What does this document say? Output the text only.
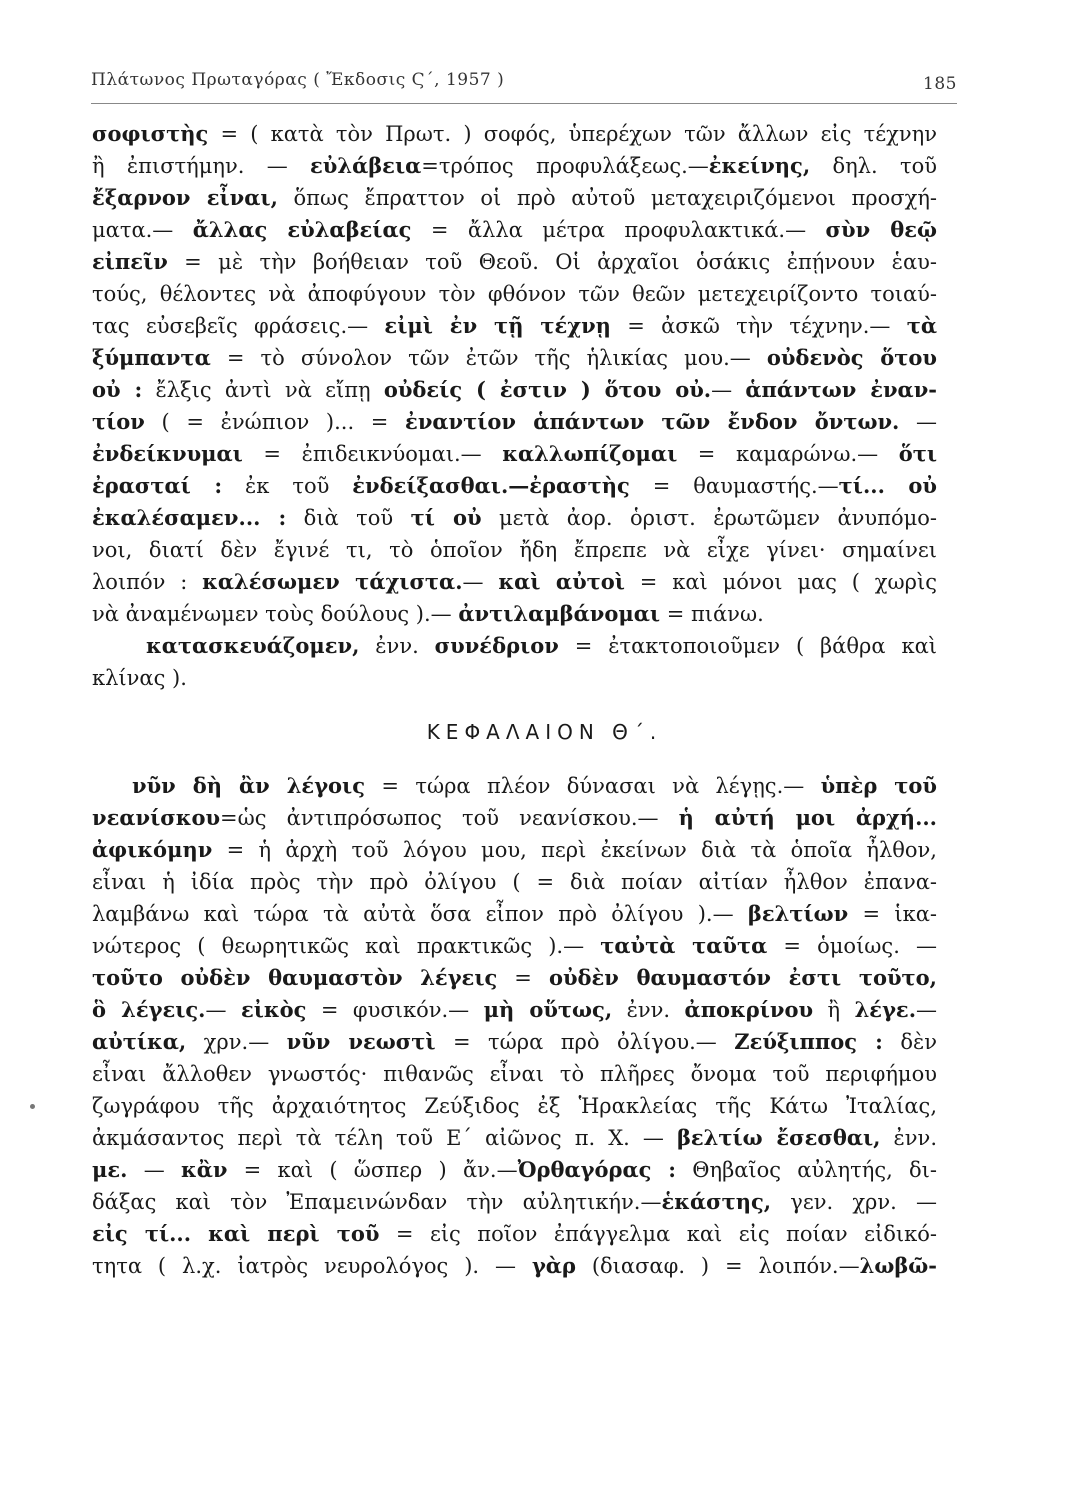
Πλάτωνος Πρωταγόρας ( Ἔκδοσις Ϛ΄, 1957 )	185
σοφιστὴς = ( κατὰ τὸν Πρωτ. ) σοφός, ὑπερέχων τῶν ἄλλων εἰς τέχνην
ἢ ἐπιστήμην. — εὐλάβεια=τρόπος προφυλάξεως.—ἐκείνης, δηλ. τοῦ
ἔξαρνον εἶναι, ὅπως ἔπραττον οἱ πρὸ αὐτοῦ μεταχειριζόμενοι προσχή-
ματα.— ἄλλας εὐλαβείας = ἄλλα μέτρα προφυλακτικά.— σὺν θεῷ
εἰπεῖν = μὲ τὴν βοήθειαν τοῦ Θεοῦ. Οἱ ἀρχαῖοι ὁσάκις ἐπῄνουν ἑαυ-
τούς, θέλοντες νὰ ἀποφύγουν τὸν φθόνον τῶν θεῶν μετεχειρίζοντο τοιαύ-
τας εὐσεβεῖς φράσεις.— εἰμὶ ἐν τῇ τέχνῃ = ἀσκῶ τὴν τέχνην.— τὰ
ξύμπαντα = τὸ σύνολον τῶν ἐτῶν τῆς ἡλικίας μου.— οὐδενὸς ὅτου
οὐ : ἔλξις ἀντὶ νὰ εἴπῃ οὐδείς ( ἐστιν ) ὅτου οὐ.— ἁπάντων ἐναν-
τίον ( = ἐνώπιον )... = ἐναντίον ἁπάντων τῶν ἔνδον ὄντων. —
ἐνδείκνυμαι = ἐπιδεικνύομαι.— καλλωπίζομαι = καμαρώνω.— ὅτι
ἐρασταί : ἐκ τοῦ ἐνδείξασθαι.—ἐραστὴς = θαυμαστής.—τί... οὐ
ἐκαλέσαμεν... : διὰ τοῦ τί οὐ μετὰ ἀορ. ὁριστ. ἐρωτῶμεν ἀνυπόμο-
νοι, διατί δὲν ἔγινέ τι, τὸ ὁποῖον ἤδη ἔπρεπε νὰ εἶχε γίνει· σημαίνει
λοιπόν : καλέσωμεν τάχιστα.— καὶ αὐτοὶ = καὶ μόνοι μας ( χωρὶς
νὰ ἀναμένωμεν τοὺς δούλους ).— ἀντιλαμβάνομαι = πιάνω.
κατασκευάζομεν, ἐνν. συνέδριον = ἐτακτοποιοῦμεν ( βάθρα καὶ
κλίνας ).
ΚΕΦΑΛΑΙΟΝ Θ΄.
νῦν δὴ ἂν λέγοις = τώρα πλέον δύνασαι νὰ λέγῃς.— ὑπὲρ τοῦ
νεανίσκου=ὡς ἀντιπρόσωπος τοῦ νεανίσκου.— ἡ αὐτή μοι ἀρχή...
ἀφικόμην = ἡ ἀρχὴ τοῦ λόγου μου, περὶ ἐκείνων διὰ τὰ ὁποῖα ἦλθον,
εἶναι ἡ ἰδία πρὸς τὴν πρὸ ὀλίγου ( = διὰ ποίαν αἰτίαν ἦλθον ἐπανα-
λαμβάνω καὶ τώρα τὰ αὐτὰ ὅσα εἶπον πρὸ ὀλίγου ).— βελτίων = ἱκα-
νώτερος ( θεωρητικῶς καὶ πρακτικῶς ).— ταὐτὰ ταῦτα = ὁμοίως. —
τοῦτο οὐδὲν θαυμαστὸν λέγεις = οὐδὲν θαυμαστόν ἐστι τοῦτο,
ὃ λέγεις.— εἰκὸς = φυσικόν.— μὴ οὕτως, ἐνν. ἀποκρίνου ἢ λέγε.—
αὐτίκα, χρν.— νῦν νεωστὶ = τώρα πρὸ ὀλίγου.— Ζεύξιππος : δὲν
εἶναι ἄλλοθεν γνωστός· πιθανῶς εἶναι τὸ πλῆρες ὄνομα τοῦ περιφήμου
ζωγράφου τῆς ἀρχαιότητος Ζεύξιδος ἐξ Ἡρακλείας τῆς Κάτω Ἰταλίας,
ἀκμάσαντος περὶ τὰ τέλη τοῦ Ε΄ αἰῶνος π. Χ. — βελτίω ἔσεσθαι, ἐνν.
με. — κἂν = καὶ ( ὥσπερ ) ἄν.—Ὀρθαγόρας : Θηβαῖος αὐλητής, δι-
δάξας καὶ τὸν Ἐπαμεινώνδαν τὴν αὐλητικήν.—ἑκάστης, γεν. χρν. —
εἰς τί... καὶ περὶ τοῦ = εἰς ποῖον ἐπάγγελμα καὶ εἰς ποίαν εἰδικό-
τητα ( λ.χ. ἰατρὸς νευρολόγος ). — γὰρ (διασαφ. ) = λοιπόν.—λωβῶ-
